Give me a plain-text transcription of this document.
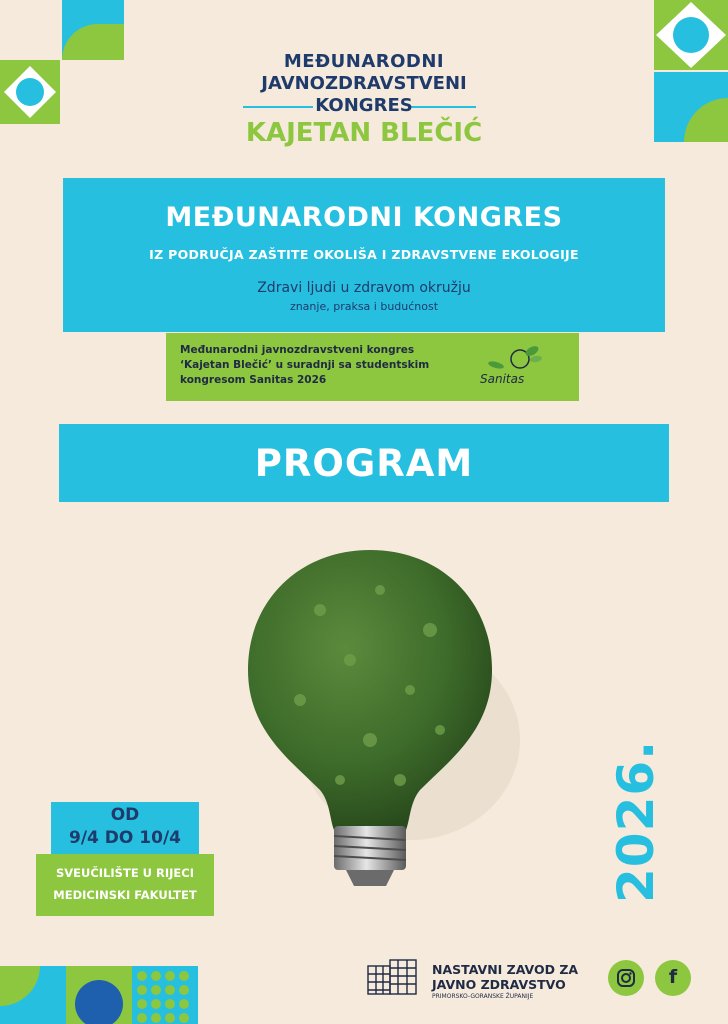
MEĐUNARODNI
JAVNOZDRAVSTVENI
KONGRES
KAJETAN BLEČIĆ
MEĐUNARODNI KONGRES
IZ PODRUČJA ZAŠTITE OKOLIŠA I ZDRAVSTVENE EKOLOGIJE
Zdravi ljudi u zdravom okružju
znanje, praksa i budućnost
Međunarodni javnozdravstveni kongres
‘Kajetan Blečić’ u suradnji sa studentskim
kongresom Sanitas 2026	Sanitas
PROGRAM
OD
9/4 DO 10/4
SVEUČILIŠTE U RIJECI
MEDICINSKI FAKULTET	2026.
NASTAVNI ZAVOD ZA
JAVNO ZDRAVSTVO
PRIMORSKO-GORANSKE ŽUPANIJE
f
